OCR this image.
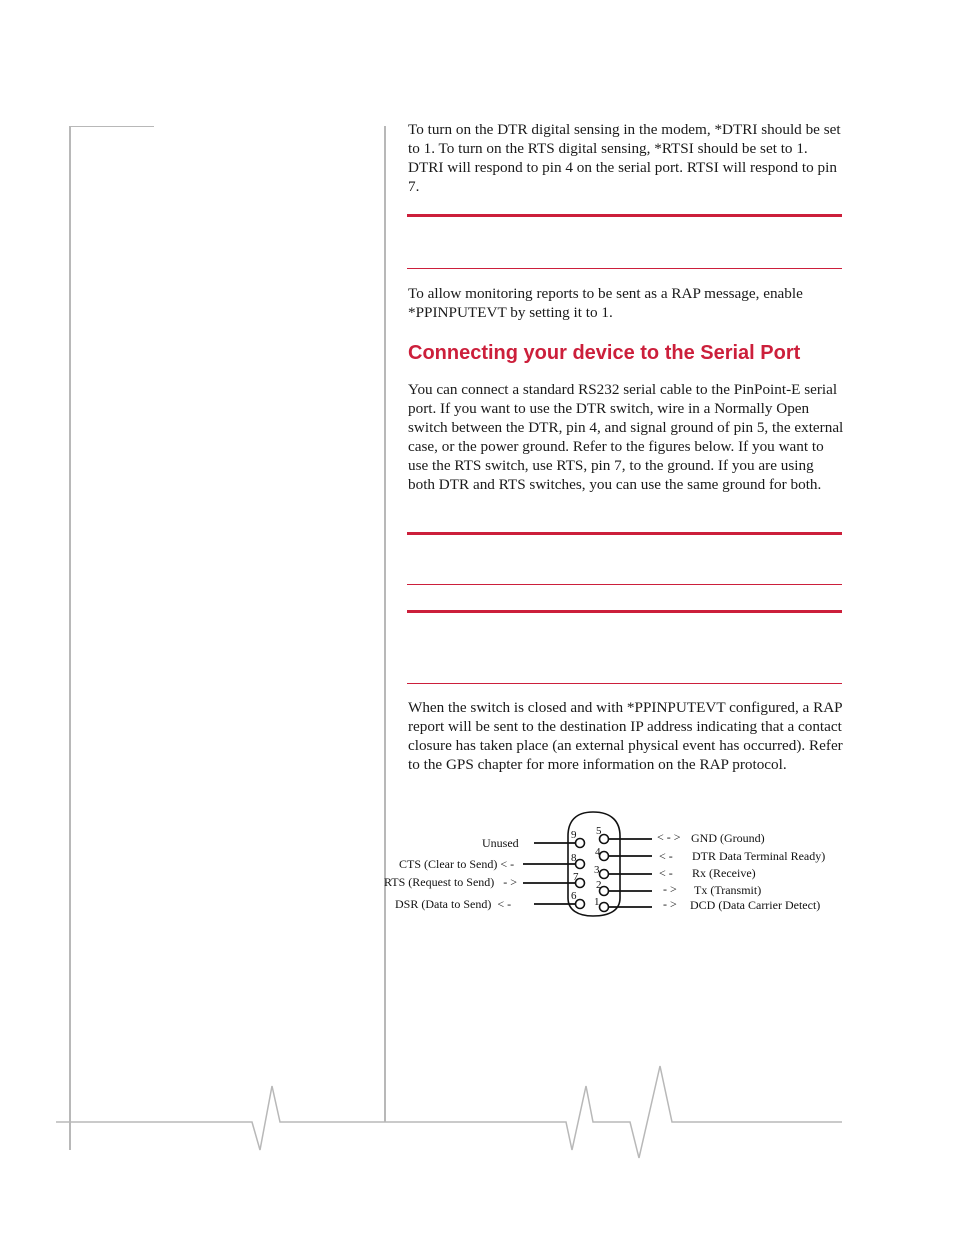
To turn on the DTR digital sensing in the modem, *DTRI should be set to 1. To turn on the RTS digital sensing, *RTSI should be set to 1. DTRI will respond to pin 4 on the serial port. RTSI will respond to pin 7.

To allow monitoring reports to be sent as a RAP message, enable *PPINPUTEVT by setting it to 1.

Connecting your device to the Serial Port

You can connect a standard RS232 serial cable to the PinPoint-E serial port. If you want to use the DTR switch, wire in a Normally Open switch between the DTR, pin 4, and signal ground of pin 5, the external case, or the power ground. Refer to the figures below. If you want to use the RTS switch, use RTS, pin 7, to the ground. If you are using both DTR and RTS switches, you can use the same ground for both.

When the switch is closed and with *PPINPUTEVT configured, a RAP report will be sent to the destination IP address indicating that a contact closure has taken place (an external physical event has occurred). Refer to the GPS chapter for more information on the RAP protocol.

9
8
7
6
5
4
3
2
1
Unused
CTS (Clear to Send) < -
RTS (Request to Send)   - >
DSR (Data to Send)  < -
< - >
< -
< -
- >
- >
GND (Ground)
DTR Data Terminal Ready)
Rx (Receive)
Tx (Transmit)
DCD (Data Carrier Detect)
